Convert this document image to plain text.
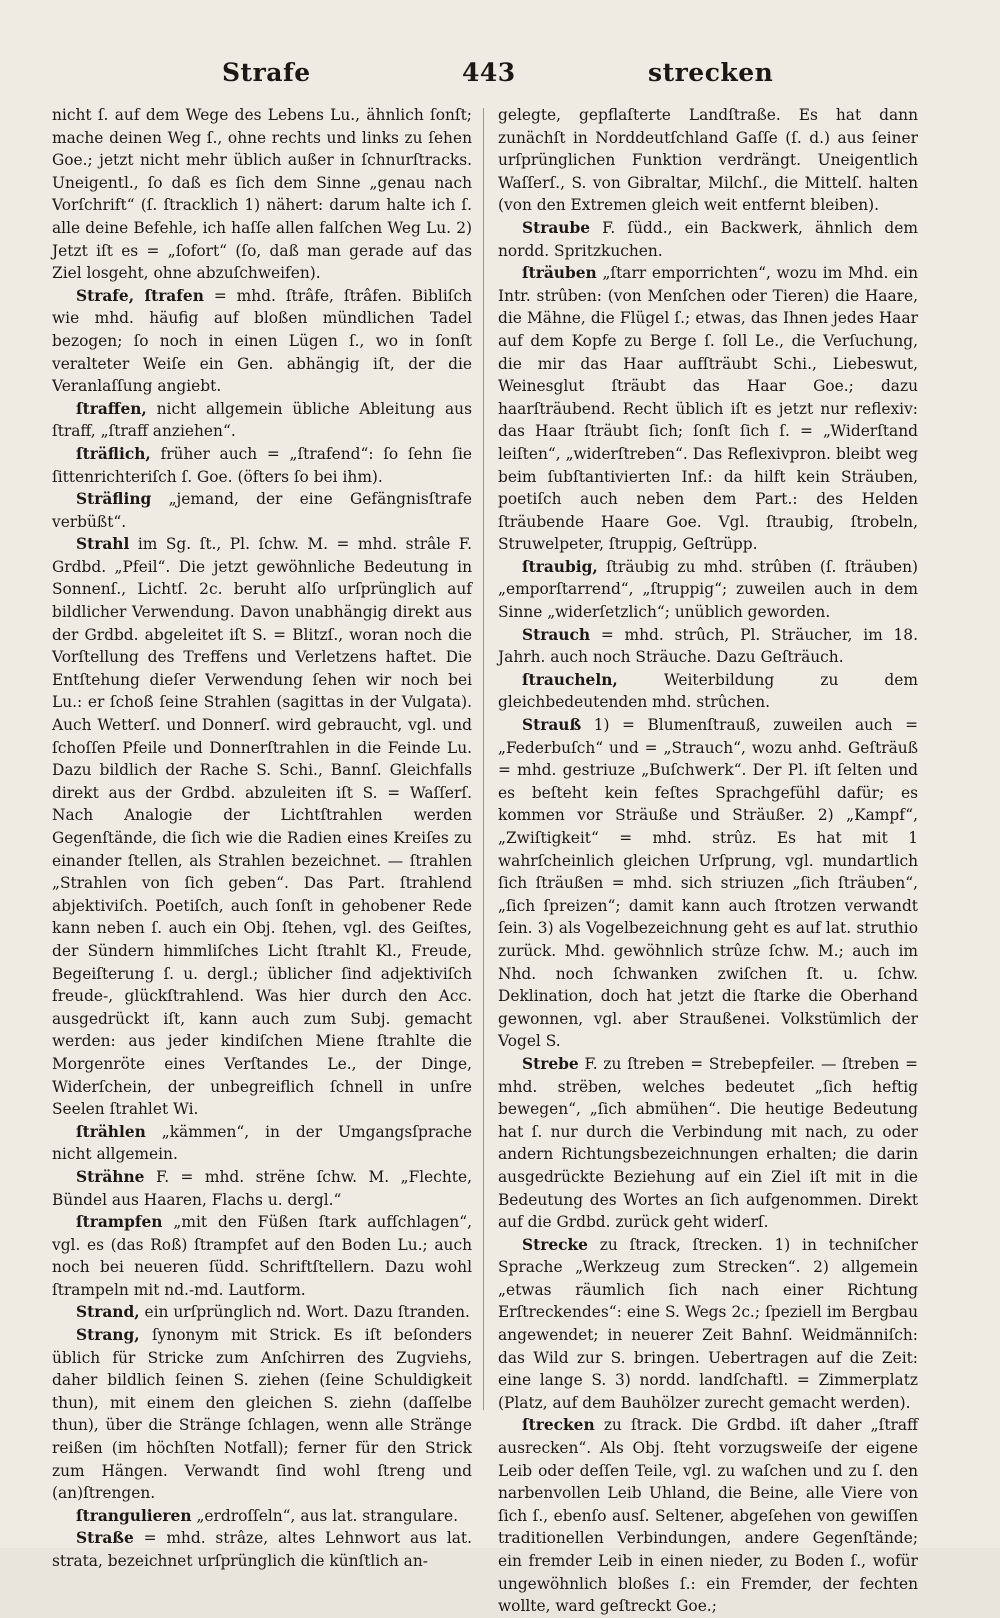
Strafe	443	strecken

nicht ſ. auf dem Wege des Lebens Lu., ähnlich ſonſt; mache deinen Weg ſ., ohne rechts und links zu ſehen Goe.; jetzt nicht mehr üblich außer in ſchnurſtracks. Uneigentl., ſo daß es ſich dem Sinne „genau nach Vorſchrift“ (ſ. ſtracklich 1) nähert: darum halte ich ſ. alle deine Befehle, ich haſſe allen falſchen Weg Lu. 2) Jetzt iſt es = „ſofort“ (ſo, daß man gerade auf das Ziel losgeht, ohne abzuſchweifen).

Strafe, ſtrafen = mhd. ſtrâfe, ſtrâfen. Bibliſch wie mhd. häufig auf bloßen mündlichen Tadel bezogen; ſo noch in einen Lügen ſ., wo in ſonſt veralteter Weiſe ein Gen. abhängig iſt, der die Veranlaſſung angiebt.

ſtraffen, nicht allgemein übliche Ableitung aus ſtraff, „ſtraff anziehen“.

ſträflich, früher auch = „ſtrafend“: ſo ſehn ſie ſittenrichteriſch ſ. Goe. (öfters ſo bei ihm).

Sträfling „jemand, der eine Gefängnisſtrafe verbüßt“.

Strahl im Sg. ſt., Pl. ſchw. M. = mhd. strâle F. Grdbd. „Pfeil“. Die jetzt gewöhnliche Bedeutung in Sonnenſ., Lichtſ. 2c. beruht alſo urſprünglich auf bildlicher Verwendung. Davon unabhängig direkt aus der Grdbd. abgeleitet iſt S. = Blitzſ., woran noch die Vorſtellung des Treffens und Verletzens haftet. Die Entſtehung dieſer Verwendung ſehen wir noch bei Lu.: er ſchoß ſeine Strahlen (sagittas in der Vulgata). Auch Wetterſ. und Donnerſ. wird gebraucht, vgl. und ſchoſſen Pfeile und Donnerſtrahlen in die Feinde Lu. Dazu bildlich der Rache S. Schi., Bannſ. Gleichfalls direkt aus der Grdbd. abzuleiten iſt S. = Waſſerſ. Nach Analogie der Lichtſtrahlen werden Gegenſtände, die ſich wie die Radien eines Kreiſes zu einander ſtellen, als Strahlen bezeichnet. — ſtrahlen „Strahlen von ſich geben“. Das Part. ſtrahlend abjektiviſch. Poetiſch, auch ſonſt in gehobener Rede kann neben ſ. auch ein Obj. ſtehen, vgl. des Geiſtes, der Sündern himmliſches Licht ſtrahlt Kl., Freude, Begeiſterung ſ. u. dergl.; üblicher ſind adjektiviſch freude-, glückſtrahlend. Was hier durch den Acc. ausgedrückt iſt, kann auch zum Subj. gemacht werden: aus jeder kindiſchen Miene ſtrahlte die Morgenröte eines Verſtandes Le., der Dinge, Widerſchein, der unbegreiflich ſchnell in unſre Seelen ſtrahlet Wi.

ſtrählen „kämmen“, in der Umgangsſprache nicht allgemein.

Strähne F. = mhd. strëne ſchw. M. „Flechte, Bündel aus Haaren, Flachs u. dergl.“

ſtrampfen „mit den Füßen ſtark aufſchlagen“, vgl. es (das Roß) ſtrampfet auf den Boden Lu.; auch noch bei neueren ſüdd. Schriftſtellern. Dazu wohl ſtrampeln mit nd.-md. Lautform.

Strand, ein urſprünglich nd. Wort. Dazu ſtranden.

Strang, ſynonym mit Strick. Es iſt beſonders üblich für Stricke zum Anſchirren des Zugviehs, daher bildlich ſeinen S. ziehen (ſeine Schuldigkeit thun), mit einem den gleichen S. ziehn (daſſelbe thun), über die Stränge ſchlagen, wenn alle Stränge reißen (im höchſten Notfall); ferner für den Strick zum Hängen. Verwandt ſind wohl ſtreng und (an)ſtrengen.

ſtrangulieren „erdroſſeln“, aus lat. strangulare.

Straße = mhd. strâze, altes Lehnwort aus lat. strata, bezeichnet urſprünglich die künſtlich an-

gelegte, gepflaſterte Landſtraße. Es hat dann zunächſt in Norddeutſchland Gaſſe (ſ. d.) aus ſeiner urſprünglichen Funktion verdrängt. Uneigentlich Waſſerſ., S. von Gibraltar, Milchſ., die Mittelſ. halten (von den Extremen gleich weit entfernt bleiben).

Straube F. ſüdd., ein Backwerk, ähnlich dem nordd. Spritzkuchen.

ſträuben „ſtarr emporrichten“, wozu im Mhd. ein Intr. strûben: (von Menſchen oder Tieren) die Haare, die Mähne, die Flügel ſ.; etwas, das Ihnen jedes Haar auf dem Kopfe zu Berge ſ. ſoll Le., die Verſuchung, die mir das Haar aufſträubt Schi., Liebeswut, Weinesglut ſträubt das Haar Goe.; dazu haarſträubend. Recht üblich iſt es jetzt nur reflexiv: das Haar ſträubt ſich; ſonſt ſich ſ. = „Widerſtand leiſten“, „widerſtreben“. Das Reflexivpron. bleibt weg beim ſubſtantivierten Inf.: da hilft kein Sträuben, poetiſch auch neben dem Part.: des Helden ſträubende Haare Goe. Vgl. ſtraubig, ſtrobeln, Struwelpeter, ſtruppig, Geſtrüpp.

ſtraubig, ſträubig zu mhd. strûben (ſ. ſträuben) „emporſtarrend“, „ſtruppig“; zuweilen auch in dem Sinne „widerſetzlich“; unüblich geworden.

Strauch = mhd. strûch, Pl. Sträucher, im 18. Jahrh. auch noch Sträuche. Dazu Geſträuch.

ſtraucheln,	Weiterbildung zu dem gleichbedeutenden mhd. strûchen.

Strauß 1) = Blumenſtrauß, zuweilen auch = „Federbuſch“ und = „Strauch“, wozu anhd. Geſträuß = mhd. gestriuze „Buſchwerk“. Der Pl. iſt ſelten und es beſteht kein feſtes Sprachgefühl dafür; es kommen vor Sträuße und Sträußer. 2) „Kampf“, „Zwiſtigkeit“ = mhd. strûz. Es hat mit 1 wahrſcheinlich gleichen Urſprung, vgl. mundartlich ſich ſträußen = mhd. sich striuzen „ſich ſträuben“, „ſich ſpreizen“; damit kann auch ſtrotzen verwandt ſein. 3) als Vogelbezeichnung geht es auf lat. struthio zurück. Mhd. gewöhnlich strûze ſchw. M.; auch im Nhd. noch ſchwanken zwiſchen ſt. u. ſchw. Deklination, doch hat jetzt die ſtarke die Oberhand gewonnen, vgl. aber Straußenei. Volkstümlich der Vogel S.

Strebe F. zu ſtreben = Strebepfeiler. — ſtreben = mhd. strëben, welches bedeutet „ſich heftig bewegen“, „ſich abmühen“. Die heutige Bedeutung hat ſ. nur durch die Verbindung mit nach, zu oder andern Richtungsbezeichnungen erhalten; die darin ausgedrückte Beziehung auf ein Ziel iſt mit in die Bedeutung des Wortes an ſich aufgenommen. Direkt auf die Grdbd. zurück geht widerſ.

Strecke zu ſtrack, ſtrecken. 1) in techniſcher Sprache „Werkzeug zum Strecken“. 2) allgemein „etwas räumlich ſich nach einer Richtung Erſtreckendes“: eine S. Wegs 2c.; ſpeziell im Bergbau angewendet; in neuerer Zeit Bahnſ. Weidmänniſch: das Wild zur S. bringen. Uebertragen auf die Zeit: eine lange S. 3) nordd. landſchaftl. = Zimmerplatz (Platz, auf dem Bauhölzer zurecht gemacht werden).

ſtrecken zu ſtrack. Die Grdbd. iſt daher „ſtraff ausrecken“. Als Obj. ſteht vorzugsweiſe der eigene Leib oder deſſen Teile, vgl. zu waſchen und zu ſ. den narbenvollen Leib Uhland, die Beine, alle Viere von ſich ſ., ebenſo ausſ. Seltener, abgeſehen von gewiſſen traditionellen Verbindungen, andere Gegenſtände; ein fremder Leib in einen nieder, zu Boden ſ., wofür ungewöhnlich bloßes ſ.: ein Fremder, der fechten wollte, ward geſtreckt Goe.;
